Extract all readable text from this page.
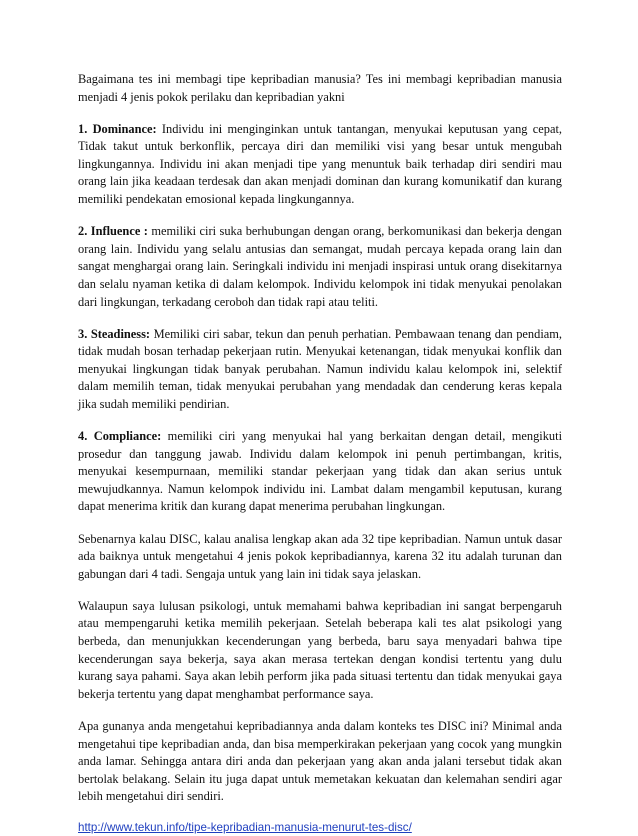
Bagaimana tes ini membagi tipe kepribadian manusia? Tes ini membagi kepribadian manusia menjadi 4 jenis pokok perilaku dan kepribadian yakni

1. Dominance: Individu ini menginginkan untuk tantangan, menyukai keputusan yang cepat, Tidak takut untuk berkonflik, percaya diri dan memiliki visi yang besar untuk mengubah lingkungannya. Individu ini akan menjadi tipe yang menuntuk baik terhadap diri sendiri mau orang lain jika keadaan terdesak dan akan menjadi dominan dan kurang komunikatif dan kurang memiliki pendekatan emosional kepada lingkungannya.

2. Influence : memiliki ciri suka berhubungan dengan orang, berkomunikasi dan bekerja dengan orang lain. Individu yang selalu antusias dan semangat, mudah percaya kepada orang lain dan sangat menghargai orang lain. Seringkali individu ini menjadi inspirasi untuk orang disekitarnya dan selalu nyaman ketika di dalam kelompok. Individu kelompok ini tidak menyukai penolakan dari lingkungan, terkadang ceroboh dan tidak rapi atau teliti.

3. Steadiness: Memiliki ciri sabar, tekun dan penuh perhatian. Pembawaan tenang dan pendiam, tidak mudah bosan terhadap pekerjaan rutin. Menyukai ketenangan, tidak menyukai konflik dan menyukai lingkungan tidak banyak perubahan. Namun individu kalau kelompok ini, selektif dalam memilih teman, tidak menyukai perubahan yang mendadak dan cenderung keras kepala jika sudah memiliki pendirian.

4. Compliance: memiliki ciri yang menyukai hal yang berkaitan dengan detail, mengikuti prosedur dan tanggung jawab. Individu dalam kelompok ini penuh pertimbangan, kritis, menyukai kesempurnaan, memiliki standar pekerjaan yang tidak dan akan serius untuk mewujudkannya. Namun kelompok individu ini. Lambat dalam mengambil keputusan, kurang dapat menerima kritik dan kurang dapat menerima perubahan lingkungan.

Sebenarnya kalau DISC, kalau analisa lengkap akan ada 32 tipe kepribadian. Namun untuk dasar ada baiknya untuk mengetahui 4 jenis pokok kepribadiannya, karena 32 itu adalah turunan dan gabungan dari 4 tadi. Sengaja untuk yang lain ini tidak saya jelaskan.

Walaupun saya lulusan psikologi, untuk memahami bahwa kepribadian ini sangat berpengaruh atau mempengaruhi ketika memilih pekerjaan. Setelah beberapa kali tes alat psikologi yang berbeda, dan menunjukkan kecenderungan yang berbeda, baru saya menyadari bahwa tipe kecenderungan saya bekerja, saya akan merasa tertekan dengan kondisi tertentu yang dulu kurang saya pahami. Saya akan lebih perform jika pada situasi tertentu dan tidak menyukai gaya bekerja tertentu yang dapat menghambat performance saya.

Apa gunanya anda mengetahui kepribadiannya anda dalam konteks tes DISC ini? Minimal anda mengetahui tipe kepribadian anda, dan bisa memperkirakan pekerjaan yang cocok yang mungkin anda lamar. Sehingga antara diri anda dan pekerjaan yang akan anda jalani tersebut tidak akan bertolak belakang. Selain itu juga dapat untuk memetakan kekuatan dan kelemahan sendiri agar lebih mengetahui diri sendiri.

http://www.tekun.info/tipe-kepribadian-manusia-menurut-tes-disc/
